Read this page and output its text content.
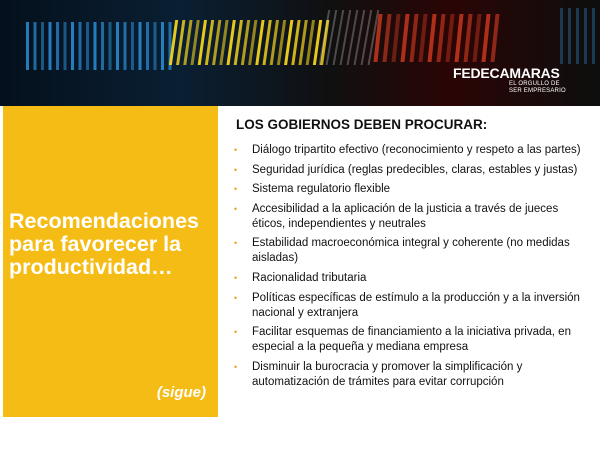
FEDECAMARAS
EL ORGULLO DE
SER EMPRESARIO
Recomendaciones para favorecer la productividad…
(sigue)
LOS GOBIERNOS DEBEN PROCURAR:
• Diálogo tripartito efectivo (reconocimiento y respeto a las partes)
• Seguridad jurídica (reglas predecibles, claras, estables y justas)
• Sistema regulatorio flexible
• Accesibilidad a la aplicación de la justicia a través de jueces éticos, independientes y neutrales
• Estabilidad macroeconómica integral y coherente (no medidas aisladas)
• Racionalidad tributaria
• Políticas específicas de estímulo a la producción y a la inversión nacional y extranjera
• Facilitar esquemas de financiamiento a la iniciativa privada, en especial a la pequeña y mediana empresa
• Disminuir la burocracia y promover la simplificación y automatización de trámites para evitar corrupción
